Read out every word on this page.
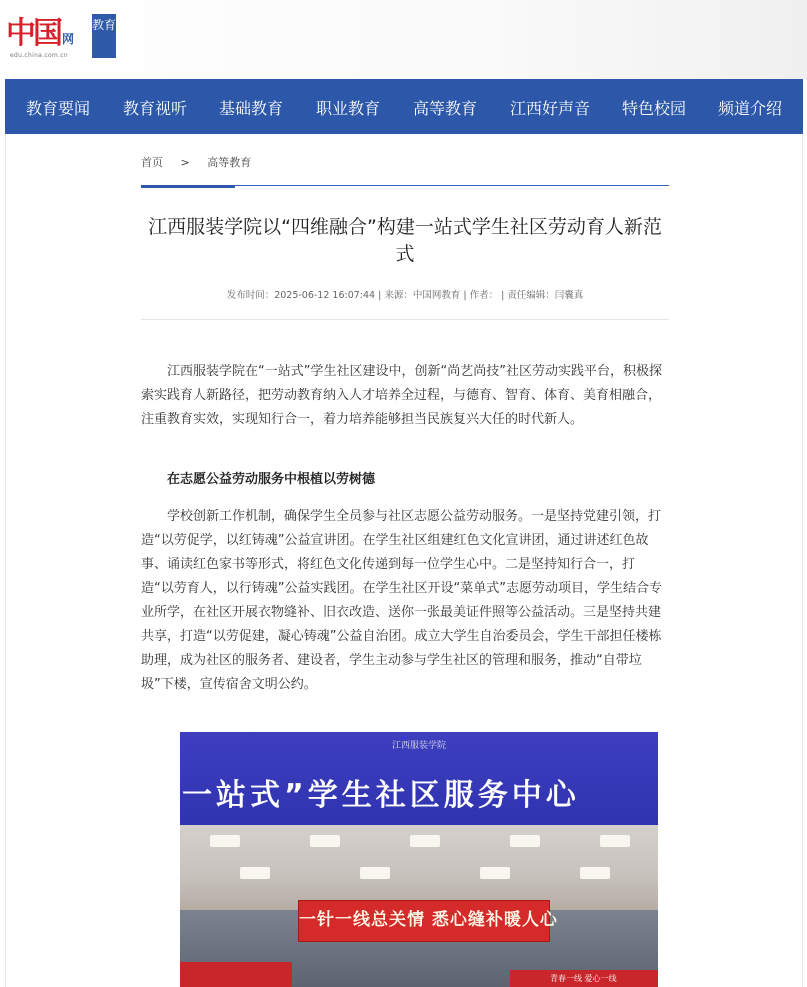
中国 网
edu.china.com.cn
教育
教育要闻 教育视听 基础教育 职业教育 高等教育 江西好声音 特色校园 频道介绍
首页 > 高等教育
江西服装学院以“四维融合”构建一站式学生社区劳动育人新范式
发布时间：2025-06-12 16:07:44 | 来源：中国网教育 | 作者： | 责任编辑：闫囊真

江西服装学院在“一站式”学生社区建设中，创新“尚艺尚技”社区劳动实践平台，积极探索实践育人新路径，把劳动教育纳入人才培养全过程，与德育、智育、体育、美育相融合，注重教育实效，实现知行合一，着力培养能够担当民族复兴大任的时代新人。

在志愿公益劳动服务中根植以劳树德

学校创新工作机制，确保学生全员参与社区志愿公益劳动服务。一是坚持党建引领，打造“以劳促学，以红铸魂”公益宣讲团。在学生社区组建红色文化宣讲团，通过讲述红色故事、诵读红色家书等形式，将红色文化传递到每一位学生心中。二是坚持知行合一，打造“以劳育人，以行铸魂”公益实践团。在学生社区开设“菜单式”志愿劳动项目，学生结合专业所学，在社区开展衣物缝补、旧衣改造、送你一张最美证件照等公益活动。三是坚持共建共享，打造“以劳促建，凝心铸魂”公益自治团。成立大学生自治委员会，学生干部担任楼栋助理，成为社区的服务者、建设者，学生主动参与学生社区的管理和服务，推动“自带垃圾”下楼，宣传宿舍文明公约。

江西服装学院
一站式”学生社区服务中心
一针一线总关情 悉心缝补暖人心
青春一线 爱心一线
